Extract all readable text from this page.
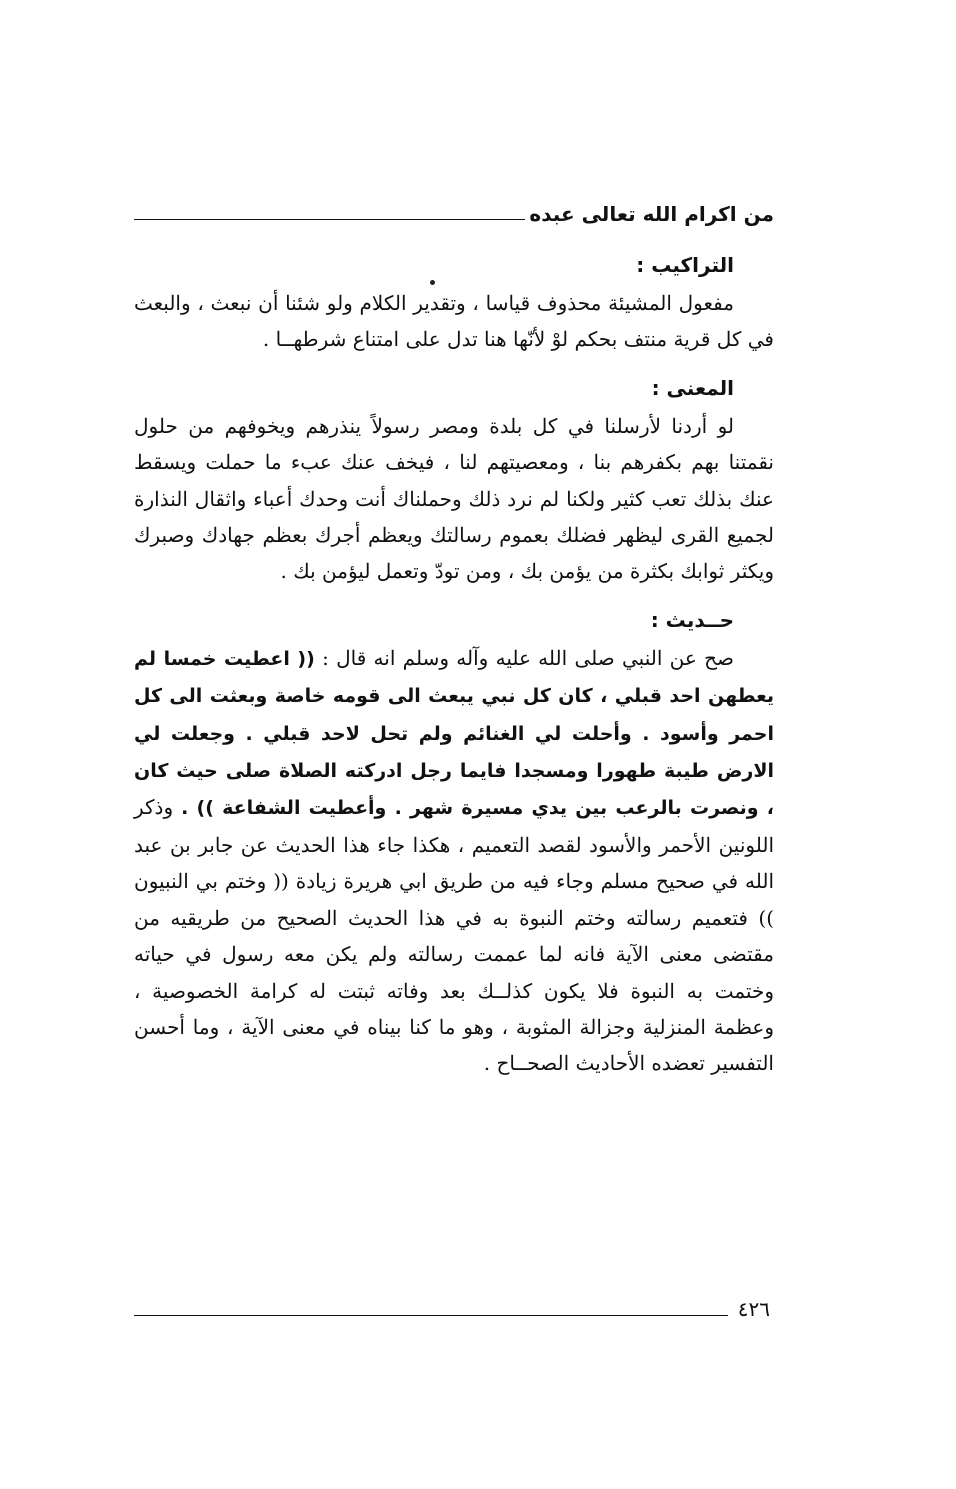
من اكرام الله تعالى عبده
التراكيب :

مفعول المشيئة محذوف قياسا ، وتقدير الكلام ولو شئنا أن نبعث ، والبعث في كل قرية منتف بحكم لوْ لأنّها هنا تدل على امتناع شرطهــا .

المعنى :

لو أردنا لأرسلنا في كل بلدة ومصر رسولاً ينذرهم ويخوفهم من حلول نقمتنا بهم بكفرهم بنا ، ومعصيتهم لنا ، فيخف عنك عبء ما حملت ويسقط عنك بذلك تعب كثير ولكنا لم نرد ذلك وحملناك أنت وحدك أعباء واثقال النذارة لجميع القرى ليظهر فضلك بعموم رسالتك ويعظم أجرك بعظم جهادك وصبرك ويكثر ثوابك بكثرة من يؤمن بك ، ومن تودّ وتعمل ليؤمن بك .

حــديث :

صح عن النبي صلى الله عليه وآله وسلم انه قال : (( اعطيت خمسا لم يعطهن احد قبلي ، كان كل نبي يبعث الى قومه خاصة وبعثت الى كل احمر وأسود . وأحلت لي الغنائم ولم تحل لاحد قبلي . وجعلت لي الارض طيبة طهورا ومسجدا فايما رجل ادركته الصلاة صلى حيث كان ، ونصرت بالرعب بين يدي مسيرة شهر . وأعطيت الشفاعة )) . وذكر اللونين الأحمر والأسود لقصد التعميم ، هكذا جاء هذا الحديث عن جابر بن عبد الله في صحيح مسلم وجاء فيه من طريق ابي هريرة زيادة (( وختم بي النبيون )) فتعميم رسالته وختم النبوة به في هذا الحديث الصحيح من طريقيه من مقتضى معنى الآية فانه لما عممت رسالته ولم يكن معه رسول في حياته وختمت به النبوة فلا يكون كذلــك بعد وفاته ثبتت له كرامة الخصوصية ، وعظمة المنزلية وجزالة المثوبة ، وهو ما كنا بيناه في معنى الآية ، وما أحسن التفسير تعضده الأحاديث الصحــاح .

٤٢٦
